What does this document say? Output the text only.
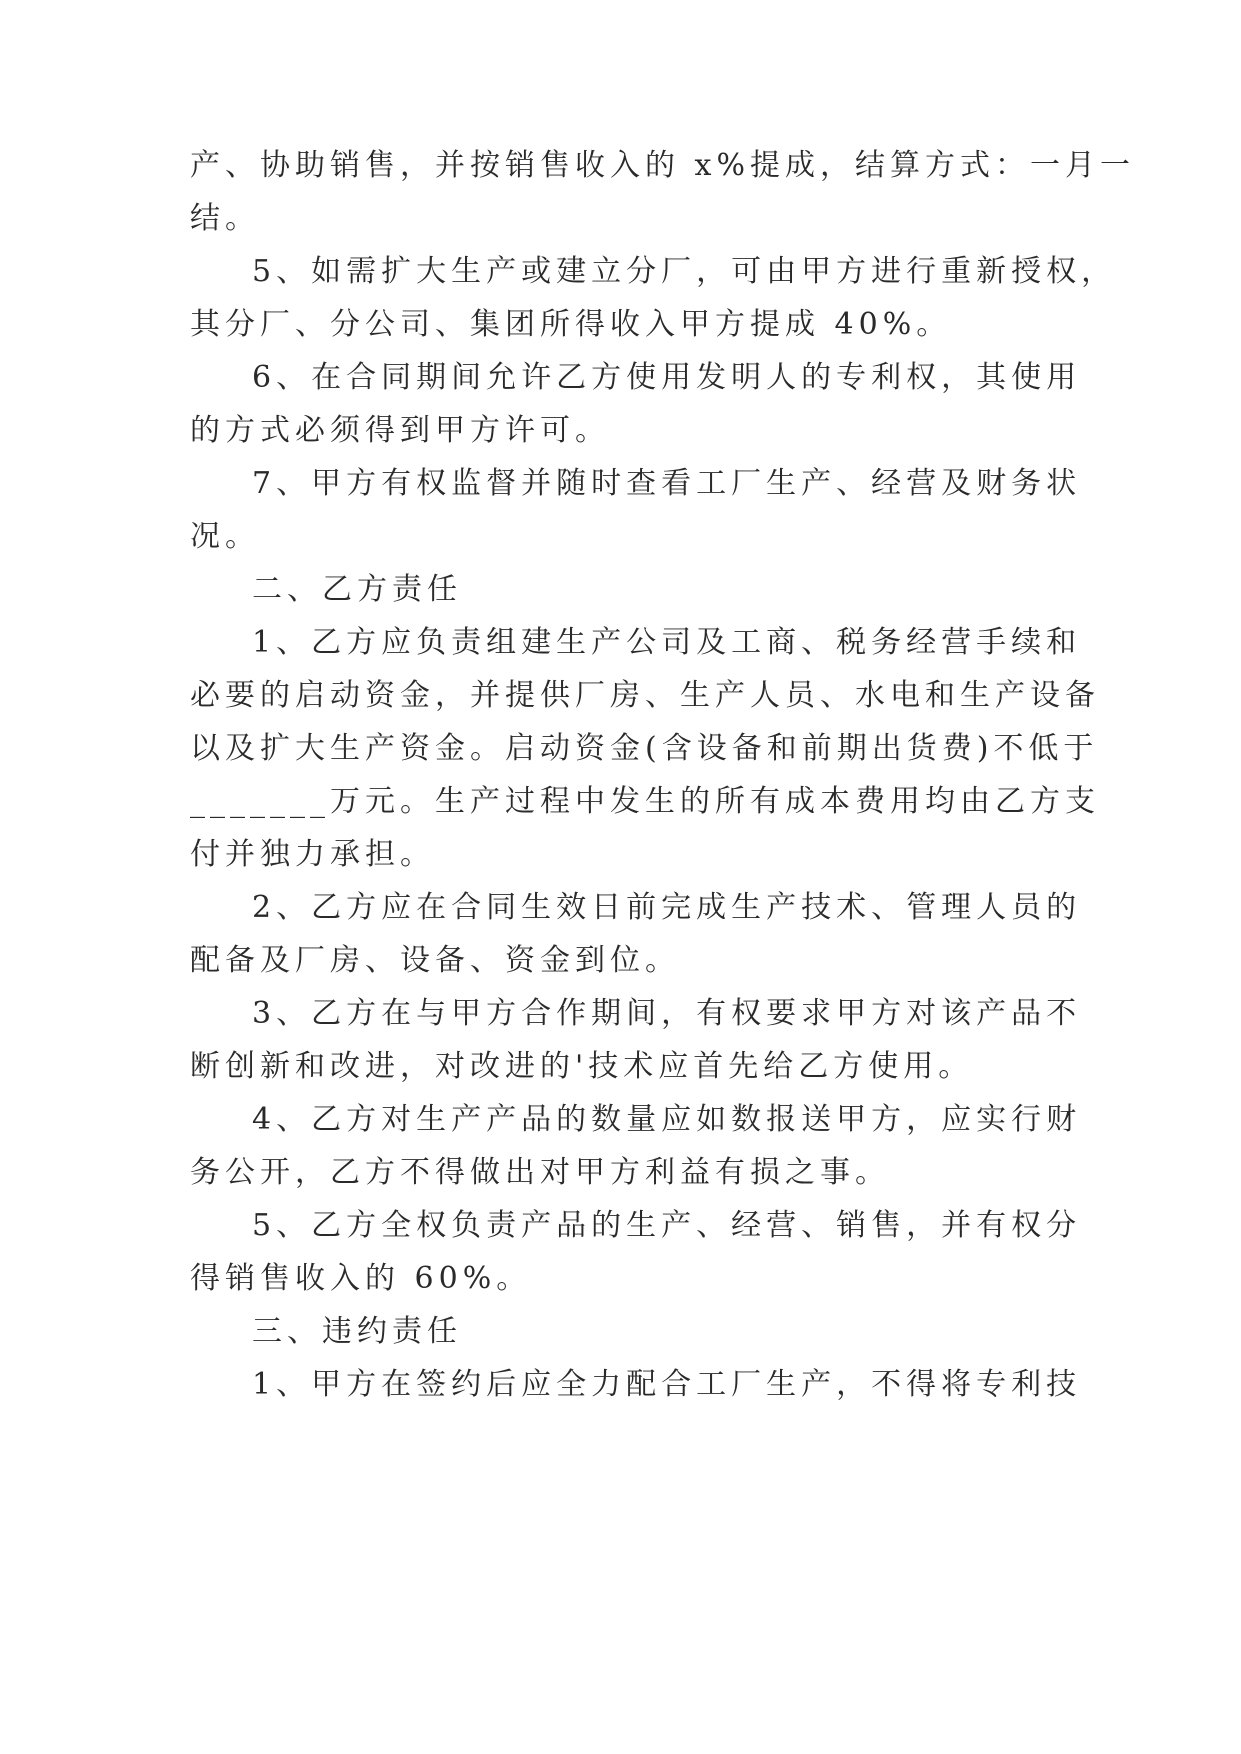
产、协助销售，并按销售收入的 x%提成，结算方式：一月一

结。

5、如需扩大生产或建立分厂，可由甲方进行重新授权，

其分厂、分公司、集团所得收入甲方提成 40%。

6、在合同期间允许乙方使用发明人的专利权，其使用

的方式必须得到甲方许可。

7、甲方有权监督并随时查看工厂生产、经营及财务状

况。

二、乙方责任

1、乙方应负责组建生产公司及工商、税务经营手续和

必要的启动资金，并提供厂房、生产人员、水电和生产设备

以及扩大生产资金。启动资金(含设备和前期出货费)不低于

_______万元。生产过程中发生的所有成本费用均由乙方支

付并独力承担。

2、乙方应在合同生效日前完成生产技术、管理人员的

配备及厂房、设备、资金到位。

3、乙方在与甲方合作期间，有权要求甲方对该产品不

断创新和改进，对改进的'技术应首先给乙方使用。

4、乙方对生产产品的数量应如数报送甲方，应实行财

务公开，乙方不得做出对甲方利益有损之事。

5、乙方全权负责产品的生产、经营、销售，并有权分

得销售收入的 60%。

三、违约责任

1、甲方在签约后应全力配合工厂生产，不得将专利技
